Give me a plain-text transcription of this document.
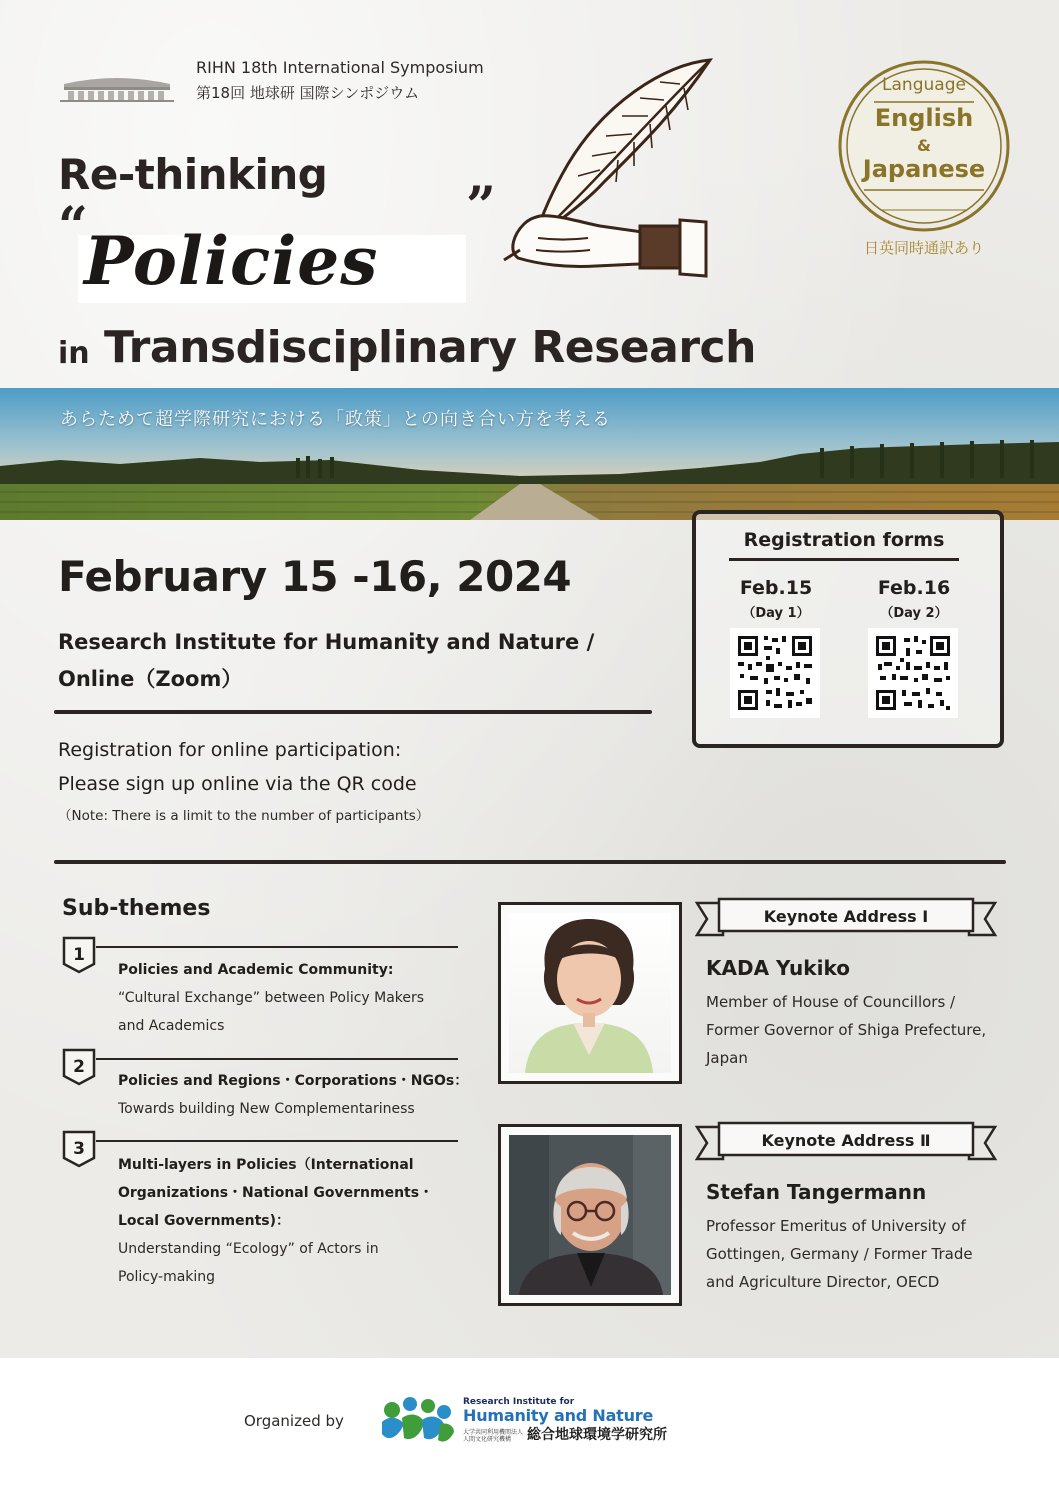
RIHN 18th International Symposium
第18回 地球研 国際シンポジウム
Re-thinking
“
Policies
”
in Transdisciplinary Research
Language
English
&
Japanese
日英同時通訳あり
あらためて超学際研究における「政策」との向き合い方を考える
February 15 -16, 2024
Research Institute for Humanity and Nature /
Online（Zoom）
Registration for online participation:
Please sign up online via the QR code
（Note: There is a limit to the number of participants）
Registration forms
Feb.15
（Day 1）
Feb.16
（Day 2）
Sub-themes
1
Policies and Academic Community:
“Cultural Exchange” between Policy Makers
and Academics
2
Policies and Regions・Corporations・NGOs：
Towards building New Complementariness
3
Multi-layers in Policies（International
Organizations・National Governments・
Local Governments)：
Understanding “Ecology” of Actors in
Policy-making
Keynote Address Ⅰ
KADA Yukiko
Member of House of Councillors /
Former Governor of Shiga Prefecture,
Japan
Keynote Address Ⅱ
Stefan Tangermann
Professor Emeritus of University of
Gottingen, Germany / Former Trade
and Agriculture Director, OECD
Organized by
Research Institute for
Humanity and Nature
大学共同利用機関法人 人間文化研究機構	総合地球環境学研究所
